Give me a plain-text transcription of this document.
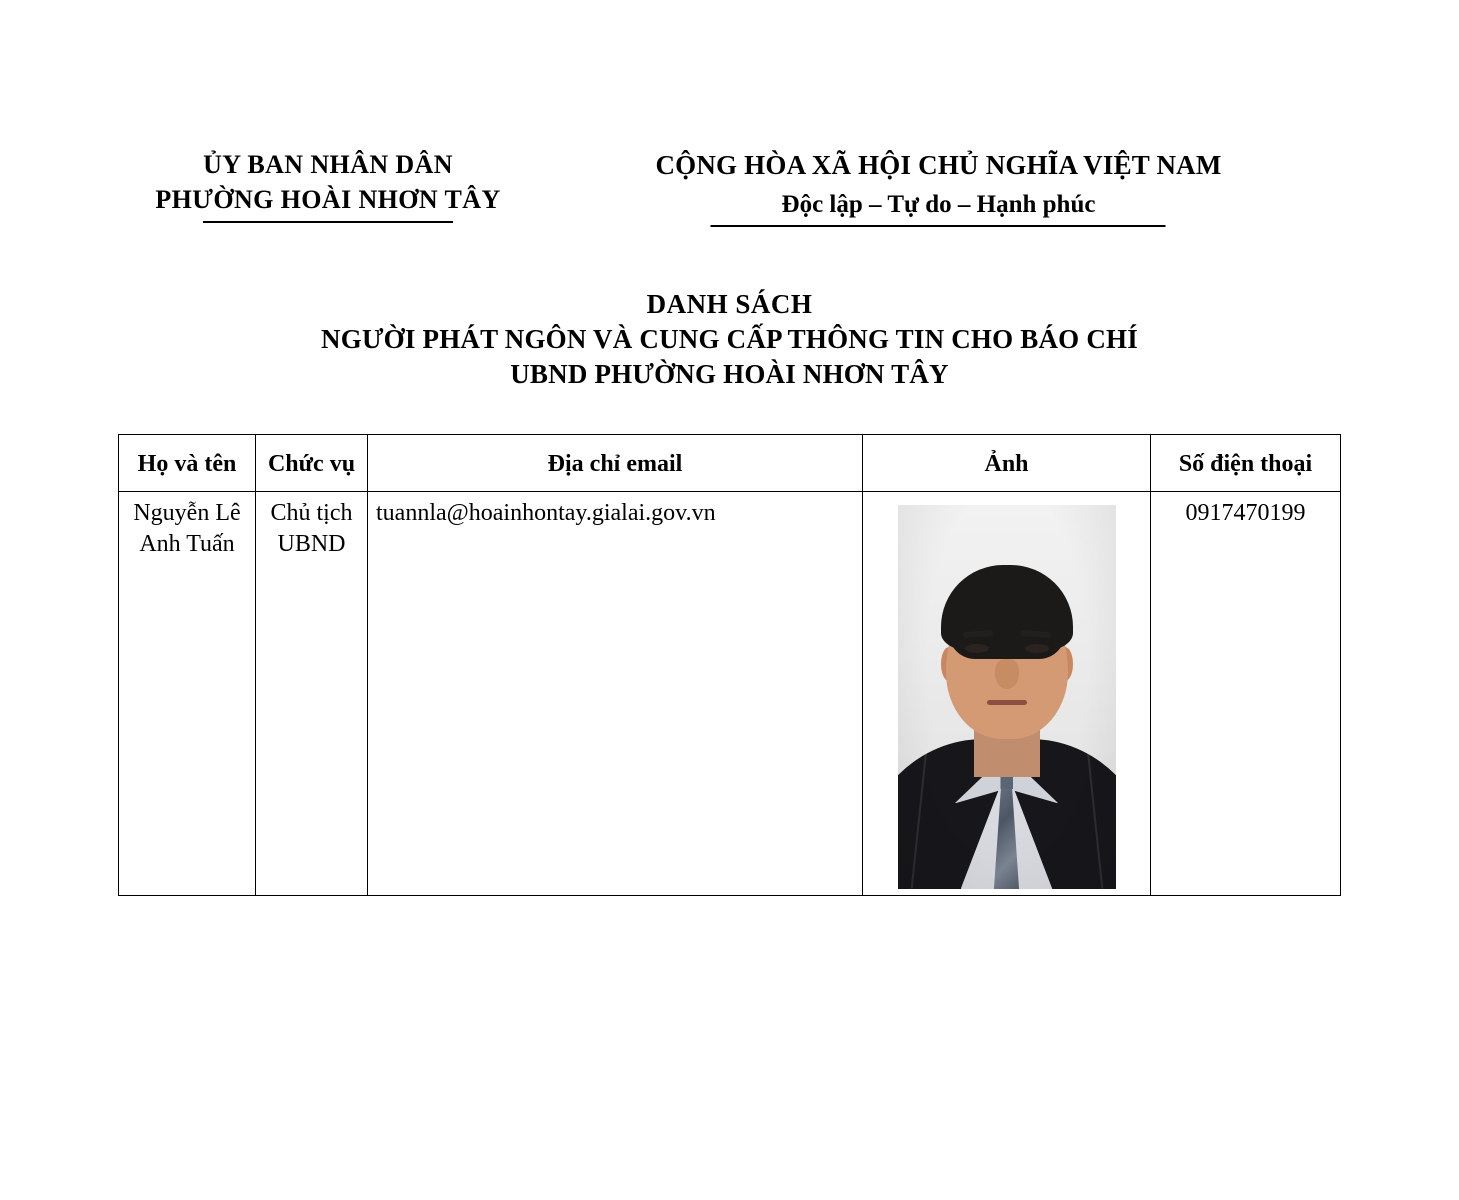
ỦY BAN NHÂN DÂN
PHƯỜNG HOÀI NHƠN TÂY
CỘNG HÒA XÃ HỘI CHỦ NGHĨA VIỆT NAM
Độc lập – Tự do – Hạnh phúc
DANH SÁCH
NGƯỜI PHÁT NGÔN VÀ CUNG CẤP THÔNG TIN CHO BÁO CHÍ
UBND PHƯỜNG HOÀI NHƠN TÂY
Họ và tên	Chức vụ	Địa chỉ email	Ảnh	Số điện thoại
Nguyễn Lê Anh Tuấn	Chủ tịch UBND	tuannla@hoainhontay.gialai.gov.vn		0917470199
